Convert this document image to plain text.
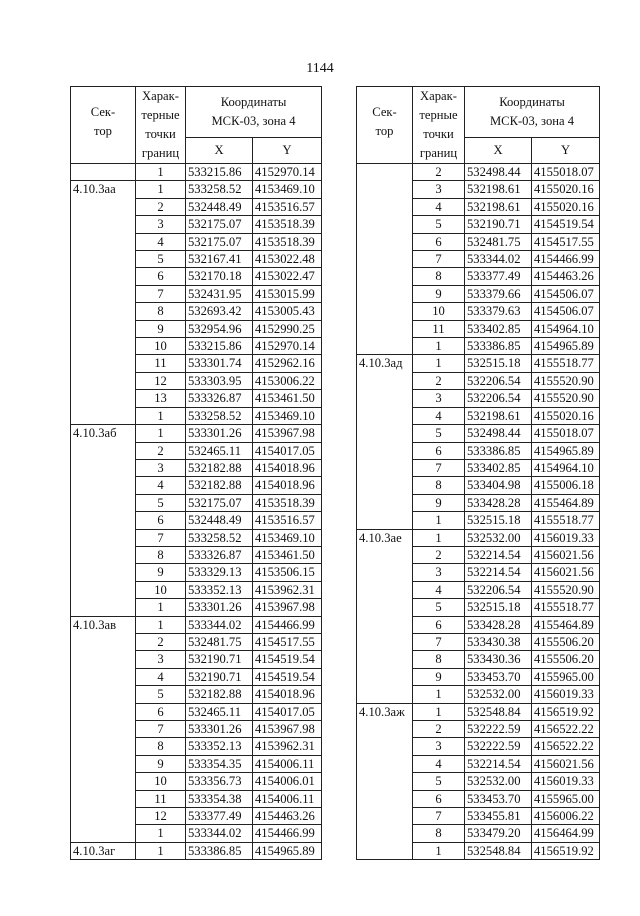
1144
Сек-
тор	Харак-
терные
точки
границ	Координаты
МСК-03, зона 4	
		X	Y
	1	533215.86	4152970.14
4.10.3аа	1	533258.52	4153469.10
	2	532448.49	4153516.57
	3	532175.07	4153518.39
	4	532175.07	4153518.39
	5	532167.41	4153022.48
	6	532170.18	4153022.47
	7	532431.95	4153015.99
	8	532693.42	4153005.43
	9	532954.96	4152990.25
	10	533215.86	4152970.14
	11	533301.74	4152962.16
	12	533303.95	4153006.22
	13	533326.87	4153461.50
	1	533258.52	4153469.10
4.10.3аб	1	533301.26	4153967.98
	2	532465.11	4154017.05
	3	532182.88	4154018.96
	4	532182.88	4154018.96
	5	532175.07	4153518.39
	6	532448.49	4153516.57
	7	533258.52	4153469.10
	8	533326.87	4153461.50
	9	533329.13	4153506.15
	10	533352.13	4153962.31
	1	533301.26	4153967.98
4.10.3ав	1	533344.02	4154466.99
	2	532481.75	4154517.55
	3	532190.71	4154519.54
	4	532190.71	4154519.54
	5	532182.88	4154018.96
	6	532465.11	4154017.05
	7	533301.26	4153967.98
	8	533352.13	4153962.31
	9	533354.35	4154006.11
	10	533356.73	4154006.01
	11	533354.38	4154006.11
	12	533377.49	4154463.26
	1	533344.02	4154466.99
4.10.3аг	1	533386.85	4154965.89
Сек-
тор	Харак-
терные
точки
границ	Координаты
МСК-03, зона 4	
		X	Y
	2	532498.44	4155018.07
	3	532198.61	4155020.16
	4	532198.61	4155020.16
	5	532190.71	4154519.54
	6	532481.75	4154517.55
	7	533344.02	4154466.99
	8	533377.49	4154463.26
	9	533379.66	4154506.07
	10	533379.63	4154506.07
	11	533402.85	4154964.10
	1	533386.85	4154965.89
4.10.3ад	1	532515.18	4155518.77
	2	532206.54	4155520.90
	3	532206.54	4155520.90
	4	532198.61	4155020.16
	5	532498.44	4155018.07
	6	533386.85	4154965.89
	7	533402.85	4154964.10
	8	533404.98	4155006.18
	9	533428.28	4155464.89
	1	532515.18	4155518.77
4.10.3ае	1	532532.00	4156019.33
	2	532214.54	4156021.56
	3	532214.54	4156021.56
	4	532206.54	4155520.90
	5	532515.18	4155518.77
	6	533428.28	4155464.89
	7	533430.38	4155506.20
	8	533430.36	4155506.20
	9	533453.70	4155965.00
	1	532532.00	4156019.33
4.10.3аж	1	532548.84	4156519.92
	2	532222.59	4156522.22
	3	532222.59	4156522.22
	4	532214.54	4156021.56
	5	532532.00	4156019.33
	6	533453.70	4155965.00
	7	533455.81	4156006.22
	8	533479.20	4156464.99
	1	532548.84	4156519.92
